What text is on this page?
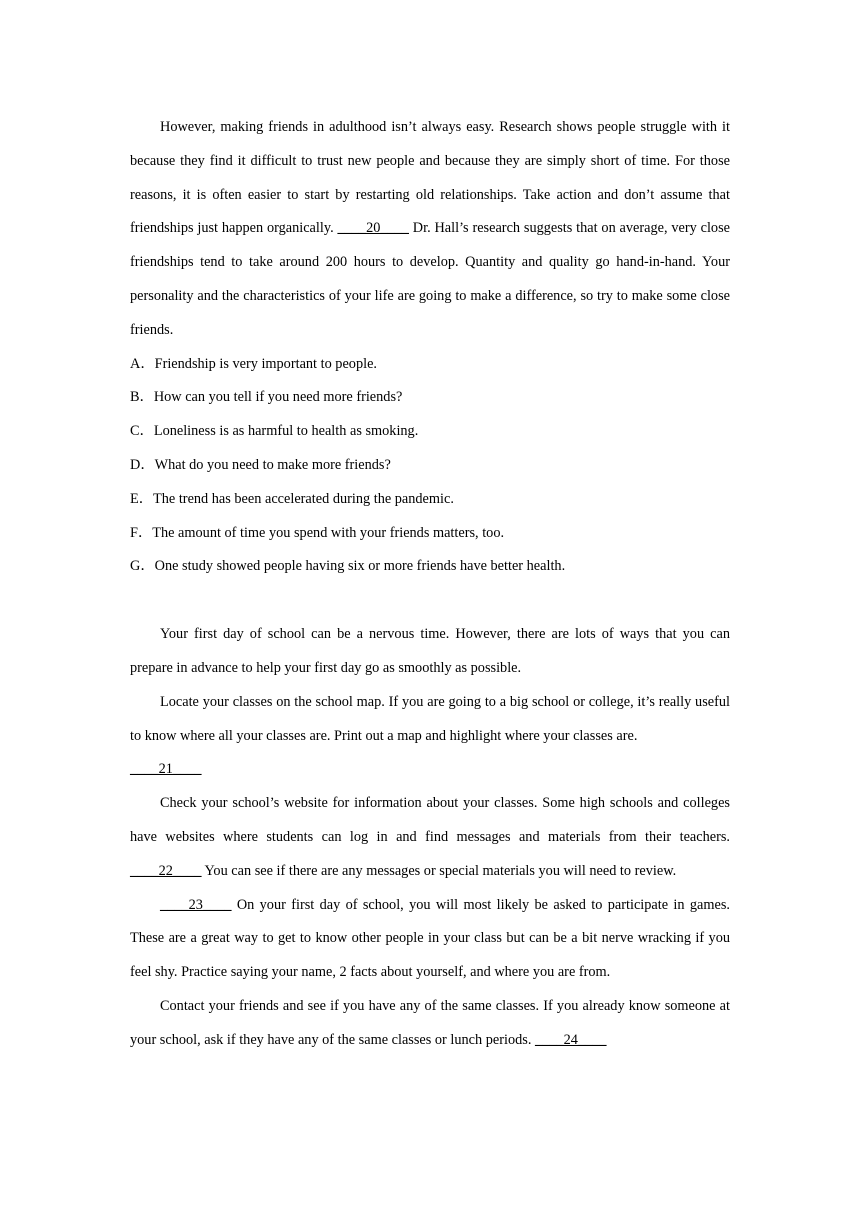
However, making friends in adulthood isn’t always easy. Research shows people struggle with it because they find it difficult to trust new people and because they are simply short of time. For those reasons, it is often easier to start by restarting old relationships. Take action and don’t assume that friendships just happen organically. ____20____ Dr. Hall’s research suggests that on average, very close friendships tend to take around 200 hours to develop. Quantity and quality go hand-in-hand. Your personality and the characteristics of your life are going to make a difference, so try to make some close friends.

A．Friendship is very important to people.
B．How can you tell if you need more friends?
C．Loneliness is as harmful to health as smoking.
D．What do you need to make more friends?
E．The trend has been accelerated during the pandemic.
F．The amount of time you spend with your friends matters, too.
G．One study showed people having six or more friends have better health.

Your first day of school can be a nervous time. However, there are lots of ways that you can prepare in advance to help your first day go as smoothly as possible.

Locate your classes on the school map. If you are going to a big school or college, it’s really useful to know where all your classes are. Print out a map and highlight where your classes are.

____21____

Check your school’s website for information about your classes. Some high schools and colleges have websites where students can log in and find messages and materials from their teachers. ____22____ You can see if there are any messages or special materials you will need to review.

____23____ On your first day of school, you will most likely be asked to participate in games. These are a great way to get to know other people in your class but can be a bit nerve wracking if you feel shy. Practice saying your name, 2 facts about yourself, and where you are from.

Contact your friends and see if you have any of the same classes. If you already know someone at your school, ask if they have any of the same classes or lunch periods. ____24____
